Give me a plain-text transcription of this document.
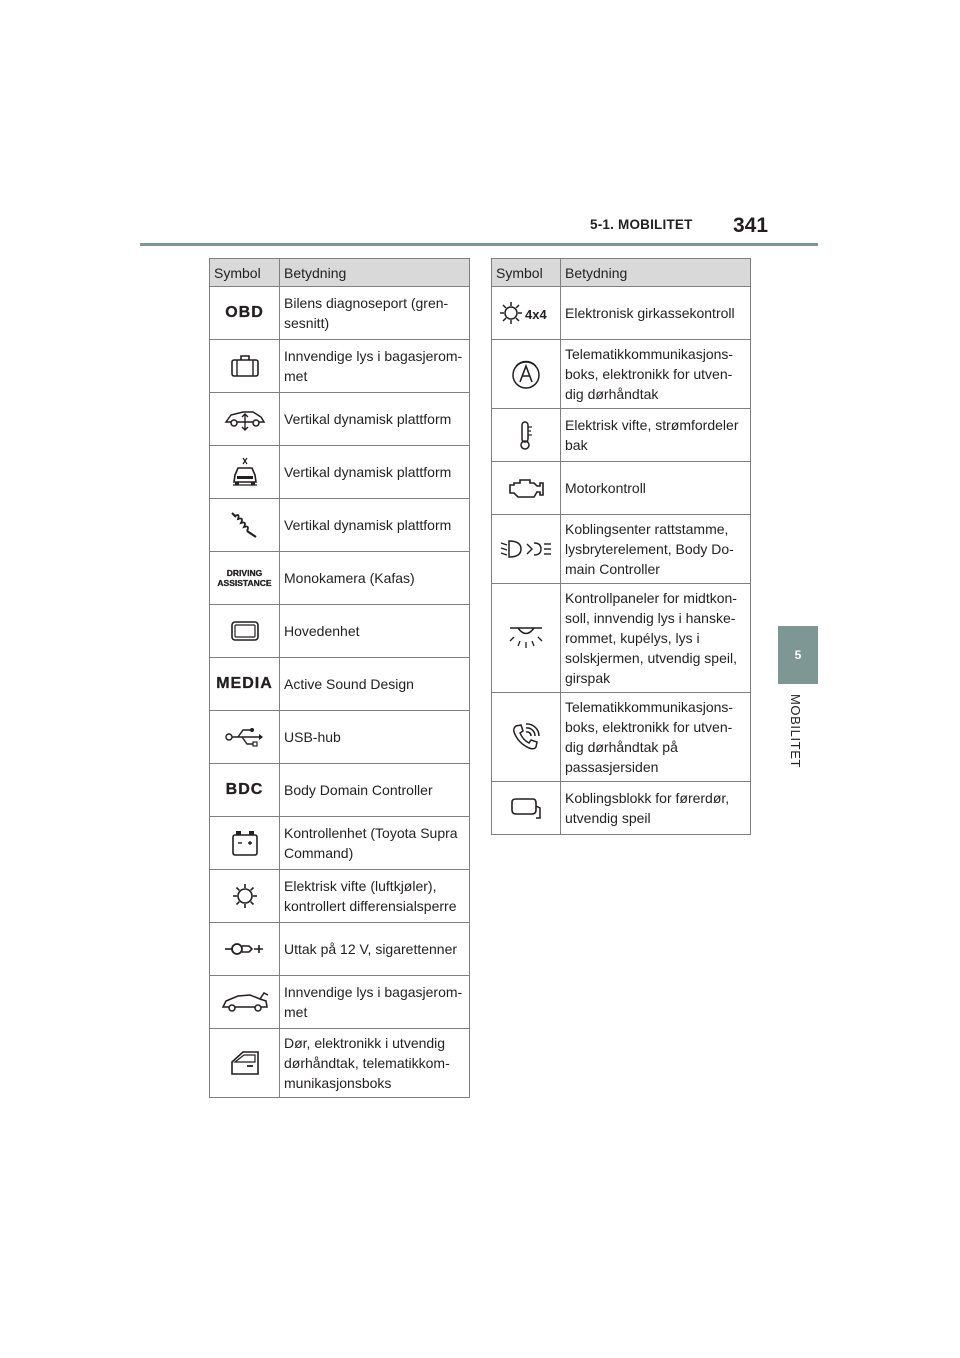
5-1. MOBILITET 341
5
MOBILITET
Symbol	Betydning
OBD	Bilens diagnoseport (gren-
sesnitt)

	Innvendige lys i bagasjerom-
met

	Vertikal dynamisk plattform

	Vertikal dynamisk plattform

	Vertikal dynamisk plattform
DRIVING
ASSISTANCE	Monokamera (Kafas)

	Hovedenhet
MEDIA	Active Sound Design

	USB-hub
BDC	Body Domain Controller

	Kontrollenhet (Toyota Supra
Command)

	Elektrisk vifte (luftkjøler),
kontrollert differensialsperre

	Uttak på 12 V, sigarettenner

	Innvendige lys i bagasjerom-
met

	Dør, elektronikk i utvendig
dørhåndtak, telematikkom-
munikasjonsboks
Symbol	Betydning

4x4	Elektronisk girkassekontroll

	Telematikkommunikasjons-
boks, elektronikk for utven-
dig dørhåndtak

	Elektrisk vifte, strømfordeler
bak

	Motorkontroll

	Koblingsenter rattstamme,
lysbryterelement, Body Do-
main Controller

	Kontrollpaneler for midtkon-
soll, innvendig lys i hanske-
rommet, kupélys, lys i
solskjermen, utvendig speil,
girspak

	Telematikkommunikasjons-
boks, elektronikk for utven-
dig dørhåndtak på
passasjersiden

	Koblingsblokk for førerdør,
utvendig speil
